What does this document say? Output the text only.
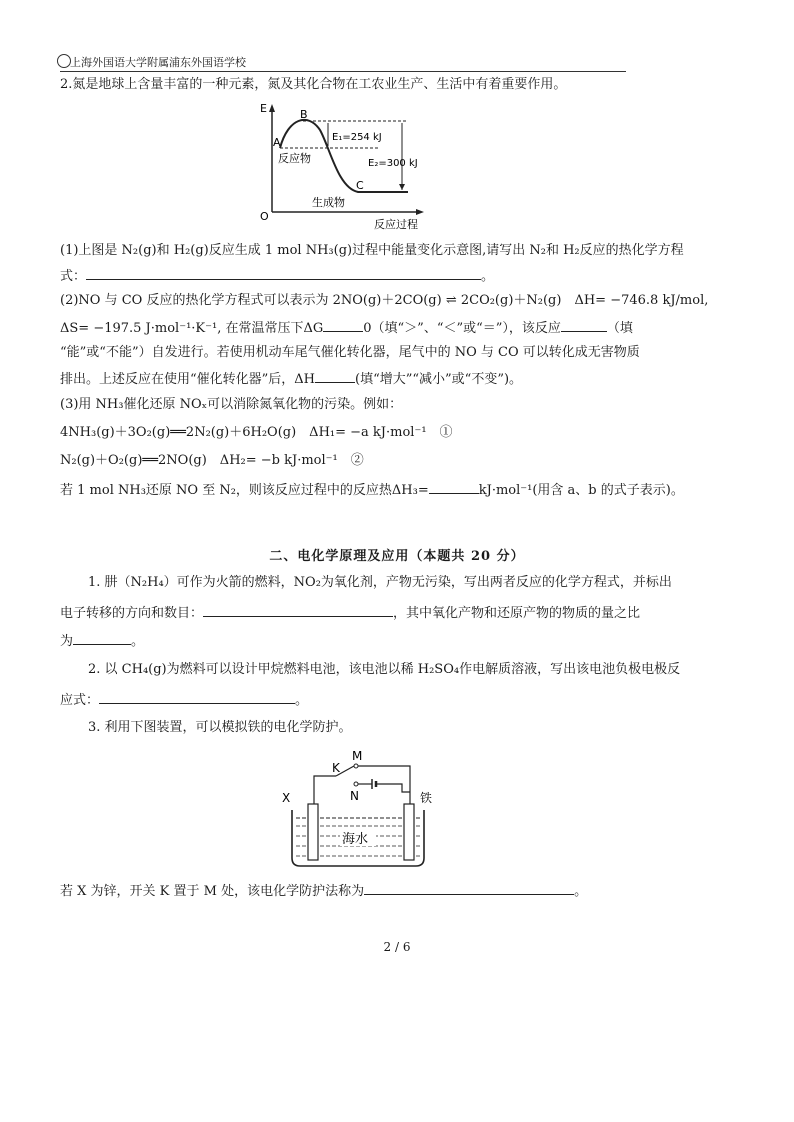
上海外国语大学附属浦东外国语学校
2.氮是地球上含量丰富的一种元素，氮及其化合物在工农业生产、生活中有着重要作用。
E
O
A
B
C
反应物
生成物
反应过程
E₁=254 kJ
E₂=300 kJ
(1)上图是 N₂(g)和 H₂(g)反应生成 1 mol NH₃(g)过程中能量变化示意图,请写出 N₂和 H₂反应的热化学方程
式：	。
(2)NO 与 CO 反应的热化学方程式可以表示为 2NO(g)＋2CO(g) ⇌ 2CO₂(g)＋N₂(g)　ΔH= −746.8 kJ/mol,
ΔS= −197.5 J·mol⁻¹·K⁻¹, 在常温常压下ΔG	0（填“＞”、“＜”或“＝”），该反应	（填
“能”或“不能”）自发进行。若使用机动车尾气催化转化器，尾气中的 NO 与 CO 可以转化成无害物质
排出。上述反应在使用“催化转化器”后，ΔH	(填“增大”“减小”或“不变”)。
(3)用 NH₃催化还原 NOₓ可以消除氮氧化物的污染。例如：
4NH₃(g)＋3O₂(g)══2N₂(g)＋6H₂O(g)　ΔH₁= −a kJ·mol⁻¹　①
N₂(g)＋O₂(g)══2NO(g)　ΔH₂= −b kJ·mol⁻¹　②
若 1 mol NH₃还原 NO 至 N₂，则该反应过程中的反应热ΔH₃=	kJ·mol⁻¹(用含 a、b 的式子表示)。
二、电化学原理及应用（本题共 20 分）
1. 肼（N₂H₄）可作为火箭的燃料，NO₂为氧化剂，产物无污染，写出两者反应的化学方程式，并标出
电子转移的方向和数目：	，其中氧化产物和还原产物的物质的量之比
为	。
2. 以 CH₄(g)为燃料可以设计甲烷燃料电池，该电池以稀 H₂SO₄作电解质溶液，写出该电池负极电极反
应式：	。
3. 利用下图装置，可以模拟铁的电化学防护。
M
K
N
X	铁
海水
若 X 为锌，开关 K 置于 M 处，该电化学防护法称为	。
2 / 6
